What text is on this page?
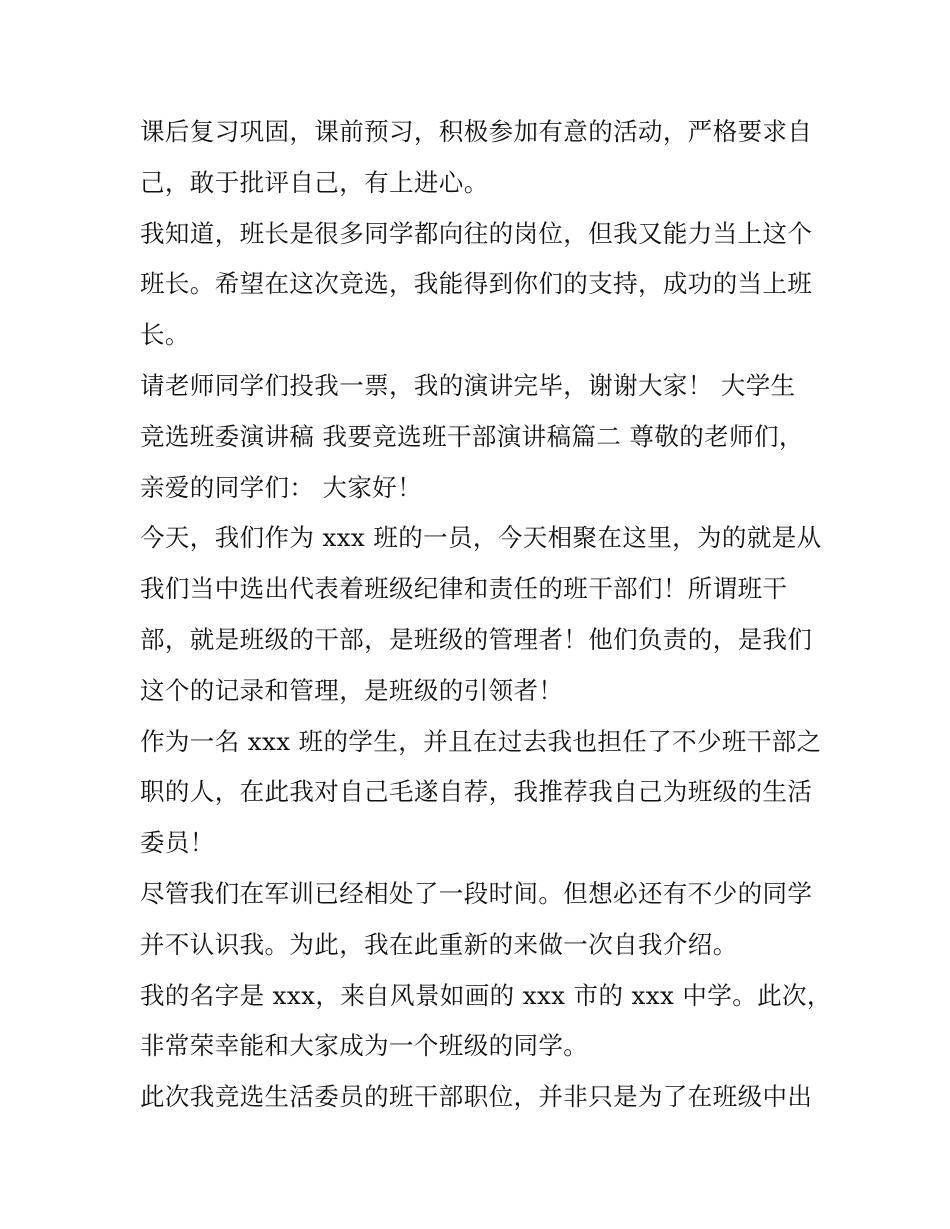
课后复习巩固，课前预习，积极参加有意的活动，严格要求自
己，敢于批评自己，有上进心。
我知道，班长是很多同学都向往的岗位，但我又能力当上这个
班长。希望在这次竞选，我能得到你们的支持，成功的当上班
长。
请老师同学们投我一票，我的演讲完毕，谢谢大家！ 大学生
竞选班委演讲稿 我要竞选班干部演讲稿篇二 尊敬的老师们，
亲爱的同学们： 大家好！
今天，我们作为 xxx 班的一员，今天相聚在这里，为的就是从
我们当中选出代表着班级纪律和责任的班干部们！所谓班干
部，就是班级的干部，是班级的管理者！他们负责的，是我们
这个的记录和管理，是班级的引领者！
作为一名 xxx 班的学生，并且在过去我也担任了不少班干部之
职的人，在此我对自己毛遂自荐，我推荐我自己为班级的生活
委员！
尽管我们在军训已经相处了一段时间。但想必还有不少的同学
并不认识我。为此，我在此重新的来做一次自我介绍。
我的名字是 xxx，来自风景如画的 xxx 市的 xxx 中学。此次，
非常荣幸能和大家成为一个班级的同学。
此次我竞选生活委员的班干部职位，并非只是为了在班级中出
